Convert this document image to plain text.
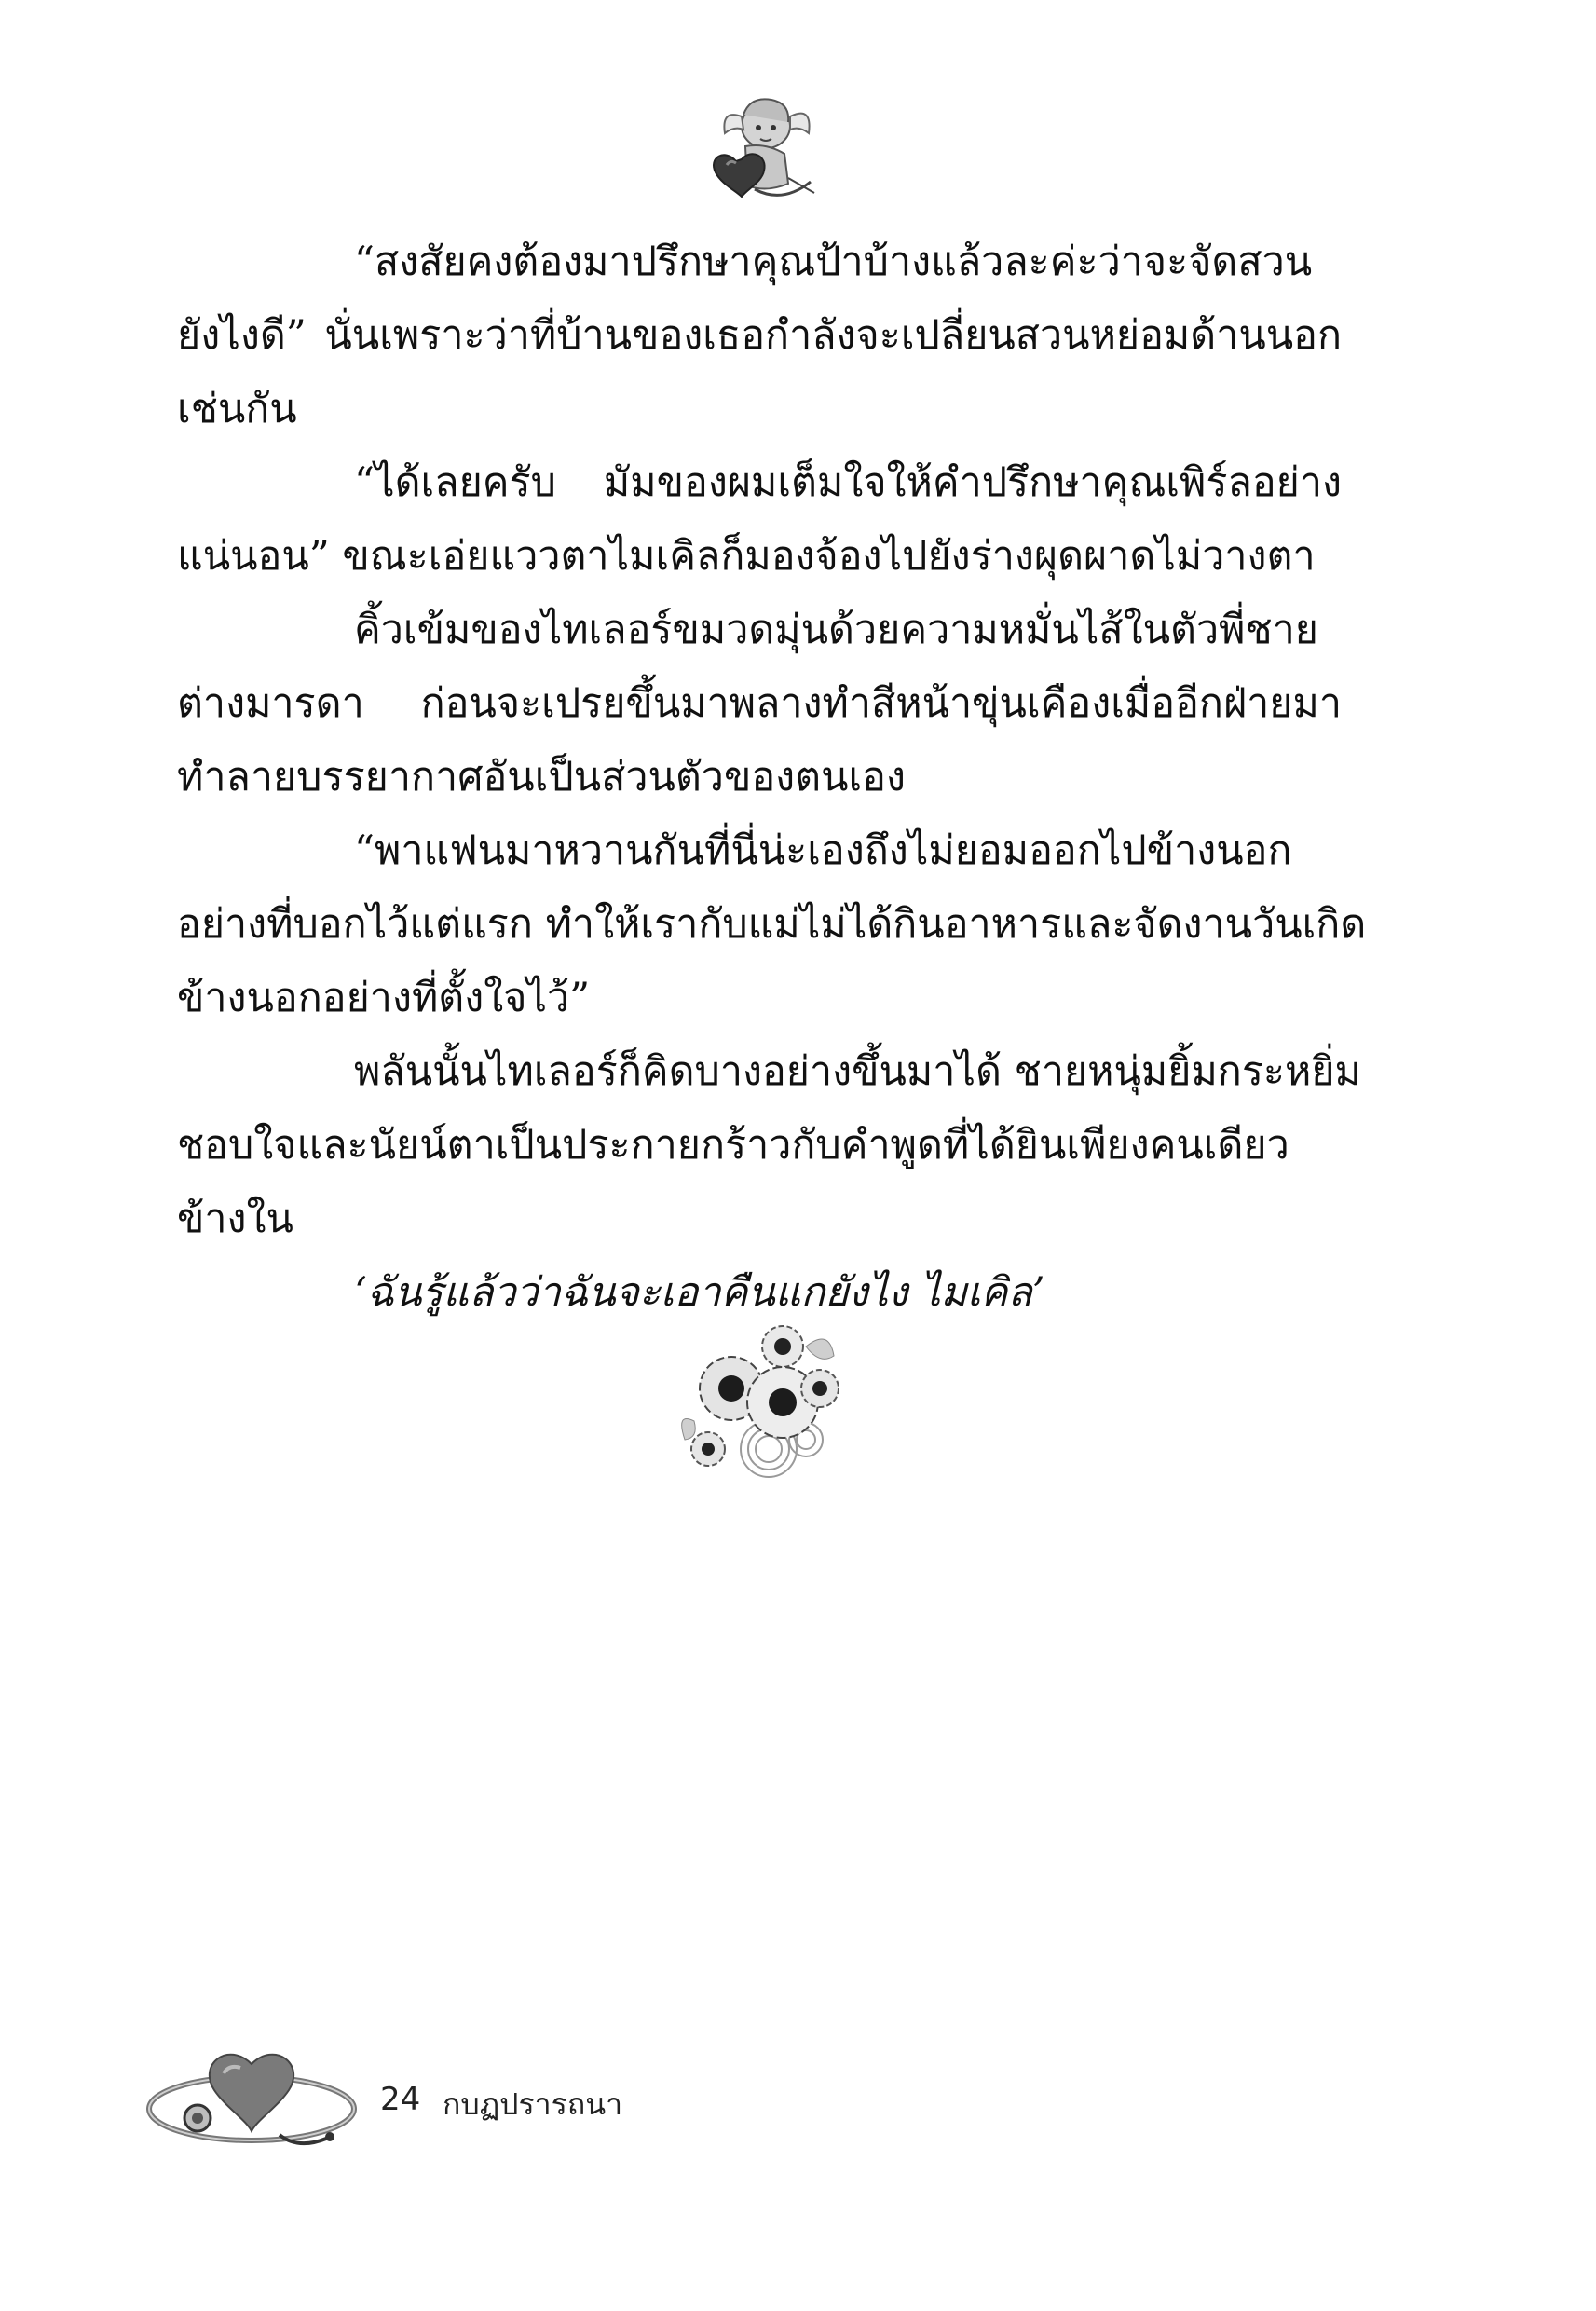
“สงสัยคงต้องมาปรึกษาคุณป้าบ้างแล้วละค่ะว่าจะจัดสวน
ยังไงดี” นั่นเพราะว่าที่บ้านของเธอกำลังจะเปลี่ยนสวนหย่อมด้านนอก
เช่นกัน
“ได้เลยครับ มัมของผมเต็มใจให้คำปรึกษาคุณเพิร์ลอย่าง
แน่นอน” ขณะเอ่ยแววตาไมเคิลก็มองจ้องไปยังร่างผุดผาดไม่วางตา
คิ้วเข้มของไทเลอร์ขมวดมุ่นด้วยความหมั่นไส้ในตัวพี่ชาย
ต่างมารดา ก่อนจะเปรยขึ้นมาพลางทำสีหน้าขุ่นเคืองเมื่ออีกฝ่ายมา
ทำลายบรรยากาศอันเป็นส่วนตัวของตนเอง
“พาแฟนมาหวานกันที่นี่น่ะเองถึงไม่ยอมออกไปข้างนอก
อย่างที่บอกไว้แต่แรก ทำให้เรากับแม่ไม่ได้กินอาหารและจัดงานวันเกิด
ข้างนอกอย่างที่ตั้งใจไว้”
พลันนั้นไทเลอร์ก็คิดบางอย่างขึ้นมาได้ ชายหนุ่มยิ้มกระหยิ่ม
ชอบใจและนัยน์ตาเป็นประกายกร้าวกับคำพูดที่ได้ยินเพียงคนเดียว
ข้างใน
‘ฉันรู้แล้วว่าฉันจะเอาคืนแกยังไง ไมเคิล’
24 กบฏปรารถนา
